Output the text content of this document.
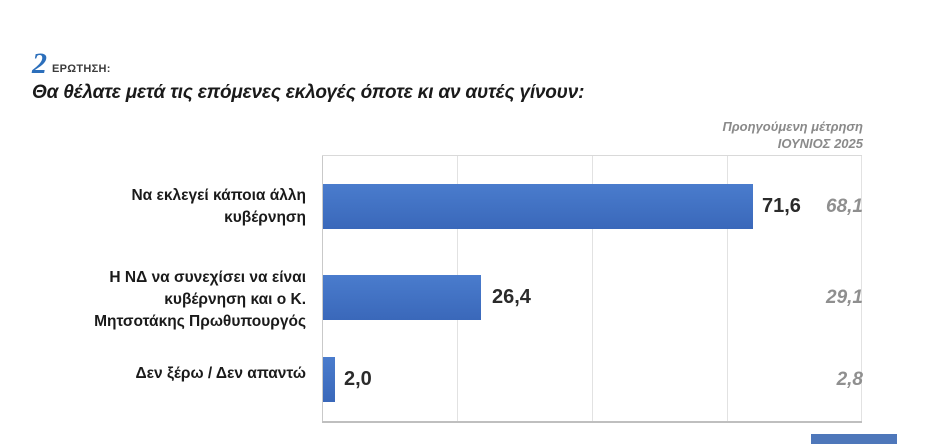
2 ΕΡΩΤΗΣΗ:
Θα θέλατε μετά τις επόμενες εκλογές όποτε κι αν αυτές γίνουν:
Προηγούμενη μέτρηση
ΙΟΥΝΙΟΣ 2025
Να εκλεγεί κάποια άλλη
κυβέρνηση
71,6	68,1
Η ΝΔ να συνεχίσει να είναι
κυβέρνηση και ο Κ.
Μητσοτάκης Πρωθυπουργός
26,4	29,1
Δεν ξέρω / Δεν απαντώ 2,0	2,8
